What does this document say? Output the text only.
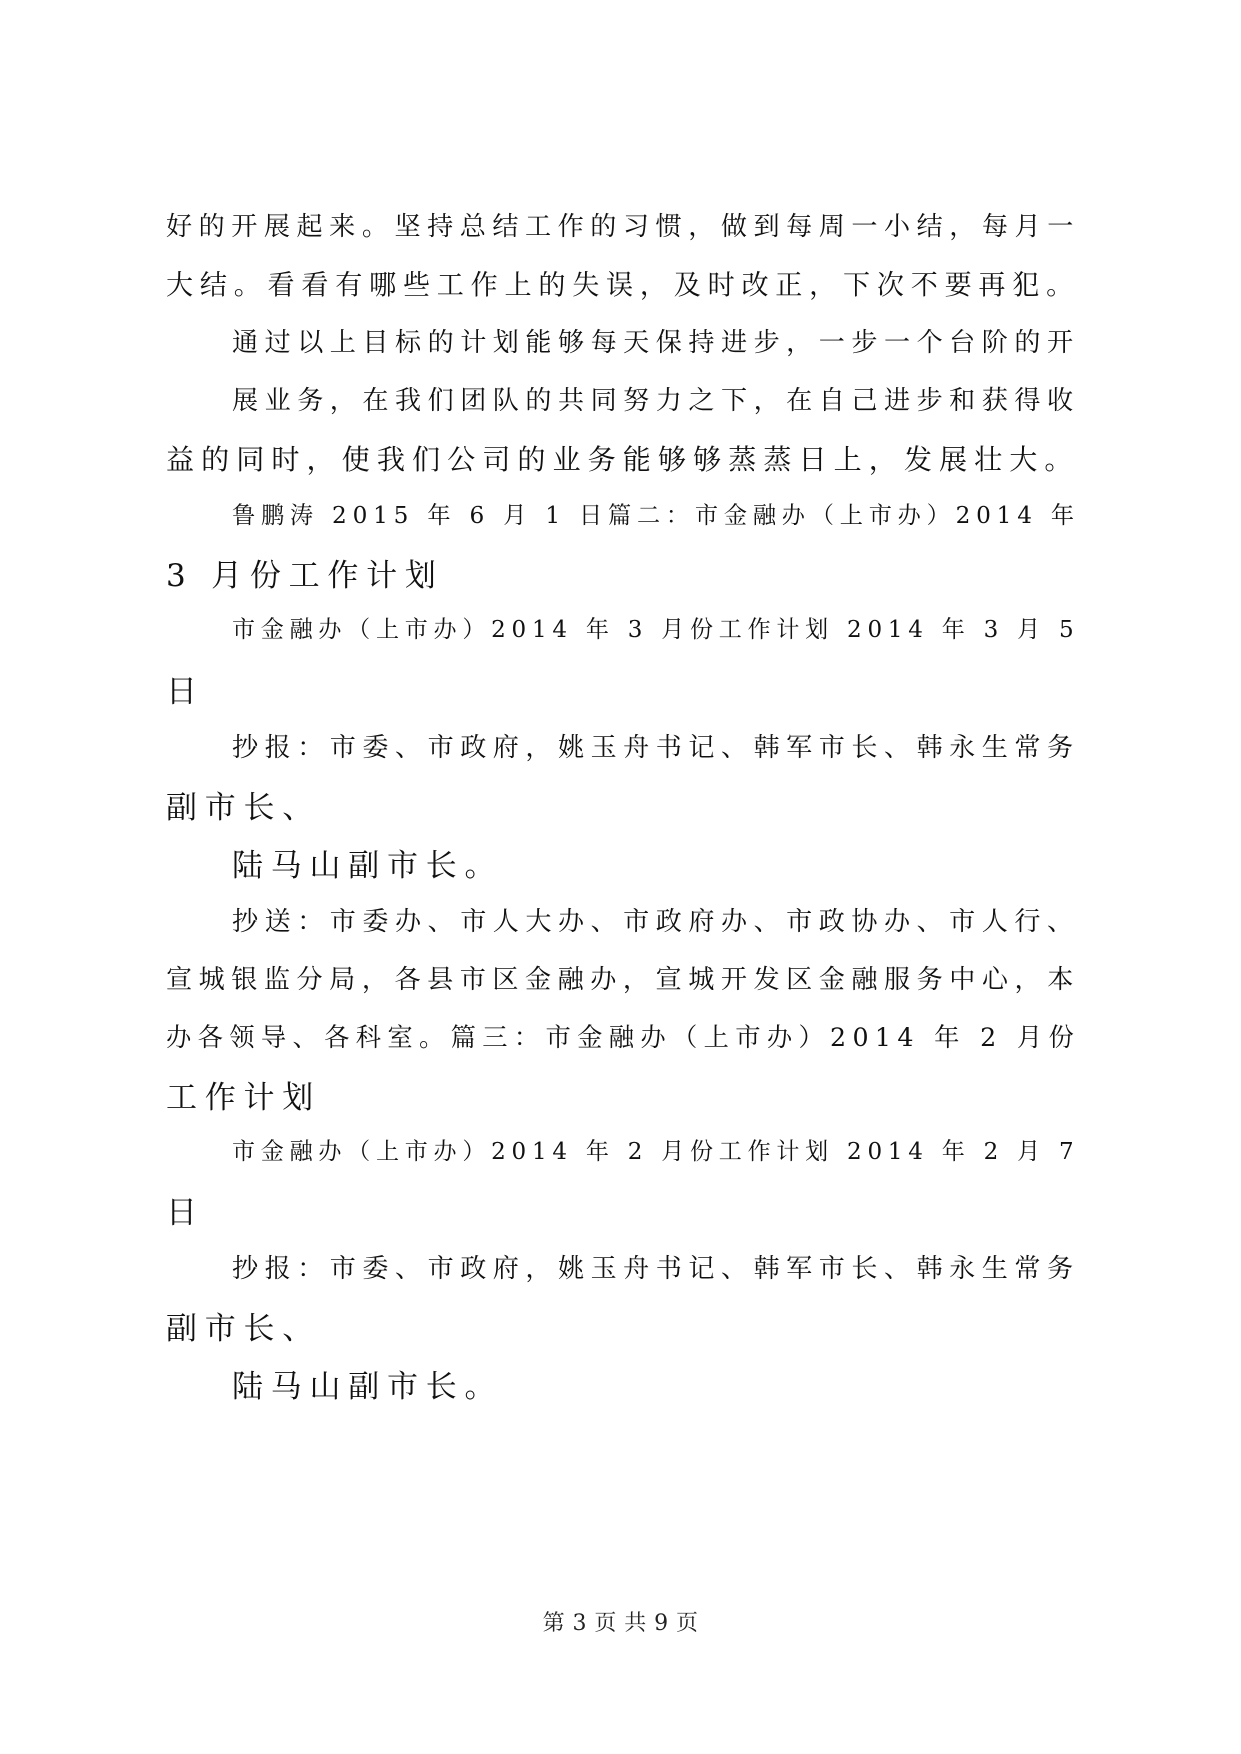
好的开展起来。坚持总结工作的习惯，做到每周一小结，每月一
大结。看看有哪些工作上的失误，及时改正，下次不要再犯。
通过以上目标的计划能够每天保持进步，一步一个台阶的开
展业务，在我们团队的共同努力之下，在自己进步和获得收
益的同时，使我们公司的业务能够够蒸蒸日上，发展壮大。
鲁鹏涛 2015 年 6 月 1 日篇二：市金融办（上市办）2014 年
3 月份工作计划
市金融办（上市办）2014 年 3 月份工作计划 2014 年 3 月 5
日
抄报：市委、市政府，姚玉舟书记、韩军市长、韩永生常务
副市长、
陆马山副市长。
抄送：市委办、市人大办、市政府办、市政协办、市人行、
宣城银监分局，各县市区金融办，宣城开发区金融服务中心，本
办各领导、各科室。篇三：市金融办（上市办）2014 年 2 月份
工作计划
市金融办（上市办）2014 年 2 月份工作计划 2014 年 2 月 7
日
抄报：市委、市政府，姚玉舟书记、韩军市长、韩永生常务
副市长、
陆马山副市长。
第 3 页 共 9 页
